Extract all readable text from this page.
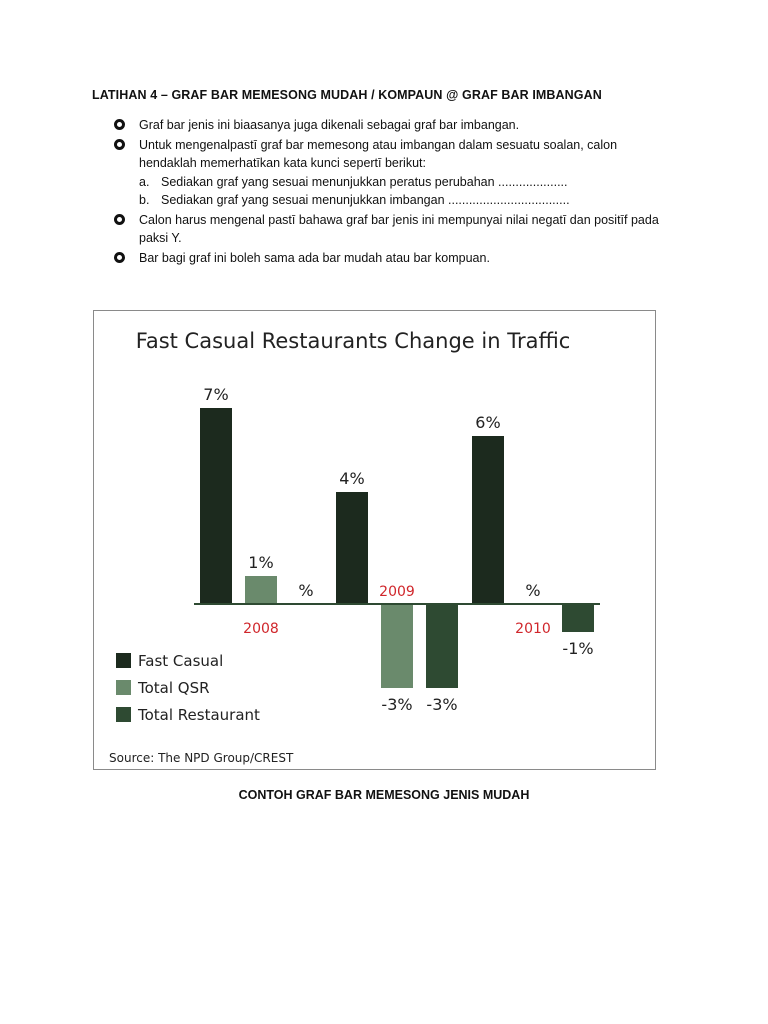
LATIHAN 4 – GRAF BAR MEMESONG MUDAH / KOMPAUN @ GRAF BAR IMBANGAN
Graf bar jenis ini biaasanya juga dikenali sebagai graf bar imbangan.
Untuk mengenalpastī graf bar memesong atau imbangan dalam sesuatu soalan, calon hendaklah memerhatīkan kata kunci sepertī berikut:
a. Sediakan graf yang sesuai menunjukkan peratus perubahan ....................
b. Sediakan graf yang sesuai menunjukkan imbangan ...................................
Calon harus mengenal pastī bahawa graf bar jenis ini mempunyai nilai negatī dan positīf pada paksi Y.
Bar bagi graf ini boleh sama ada bar mudah atau bar kompuan.
Fast Casual Restaurants Change in Traffic
7%
1%
%
2008
4%
-3% -3%
2009
6%
%
-1%
2010
Fast Casual
Total QSR
Total Restaurant
Source: The NPD Group/CREST
CONTOH GRAF BAR MEMESONG JENIS MUDAH
